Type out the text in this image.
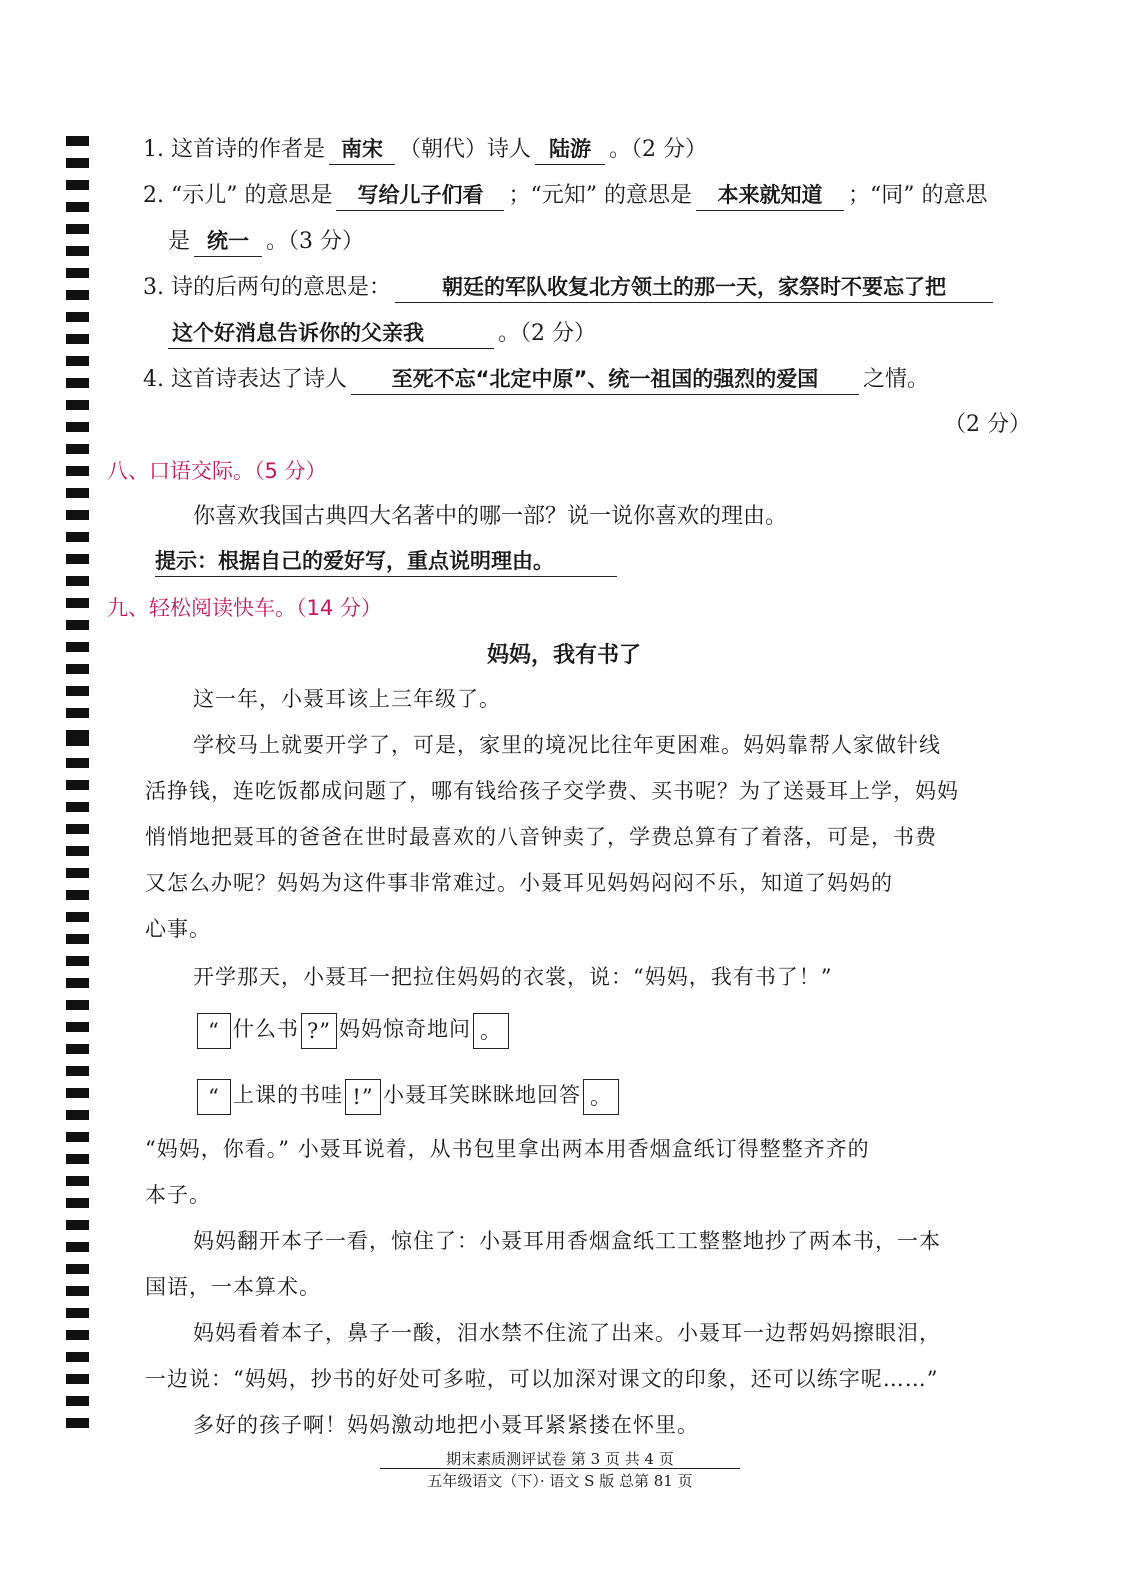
1. 这首诗的作者是 南宋 （朝代）诗人 陆游 。（2 分）
2. “示儿” 的意思是 写给儿子们看 ；“元知” 的意思是 本来就知道 ；“同” 的意思
是 统一 。（3 分）
3. 诗的后两句的意思是： 朝廷的军队收复北方领土的那一天，家祭时不要忘了把
这个好消息告诉你的父亲我	。（2 分）
4. 这首诗表达了诗人 至死不忘“北定中原”、统一祖国的强烈的爱国 之情。
（2 分）
八、口语交际。（5 分）
你喜欢我国古典四大名著中的哪一部？说一说你喜欢的理由。
提示：根据自己的爱好写，重点说明理由。
九、轻松阅读快车。（14 分）
妈妈，我有书了
这一年，小聂耳该上三年级了。
学校马上就要开学了，可是，家里的境况比往年更困难。妈妈靠帮人家做针线
活挣钱，连吃饭都成问题了，哪有钱给孩子交学费、买书呢？为了送聂耳上学，妈妈
悄悄地把聂耳的爸爸在世时最喜欢的八音钟卖了，学费总算有了着落，可是，书费
又怎么办呢？妈妈为这件事非常难过。小聂耳见妈妈闷闷不乐，知道了妈妈的
心事。
开学那天，小聂耳一把拉住妈妈的衣裳，说：“妈妈，我有书了！”
“ 什么书 ?” 妈妈惊奇地问 。
“ 上课的书哇 !” 小聂耳笑眯眯地回答 。
“妈妈，你看。” 小聂耳说着，从书包里拿出两本用香烟盒纸订得整整齐齐的
本子。
妈妈翻开本子一看，惊住了：小聂耳用香烟盒纸工工整整地抄了两本书，一本
国语，一本算术。
妈妈看着本子，鼻子一酸，泪水禁不住流了出来。小聂耳一边帮妈妈擦眼泪，
一边说：“妈妈，抄书的好处可多啦，可以加深对课文的印象，还可以练字呢……”
多好的孩子啊！妈妈激动地把小聂耳紧紧搂在怀里。
期末素质测评试卷 第 3 页 共 4 页
五年级语文（下）· 语文 S 版 总第 81 页
